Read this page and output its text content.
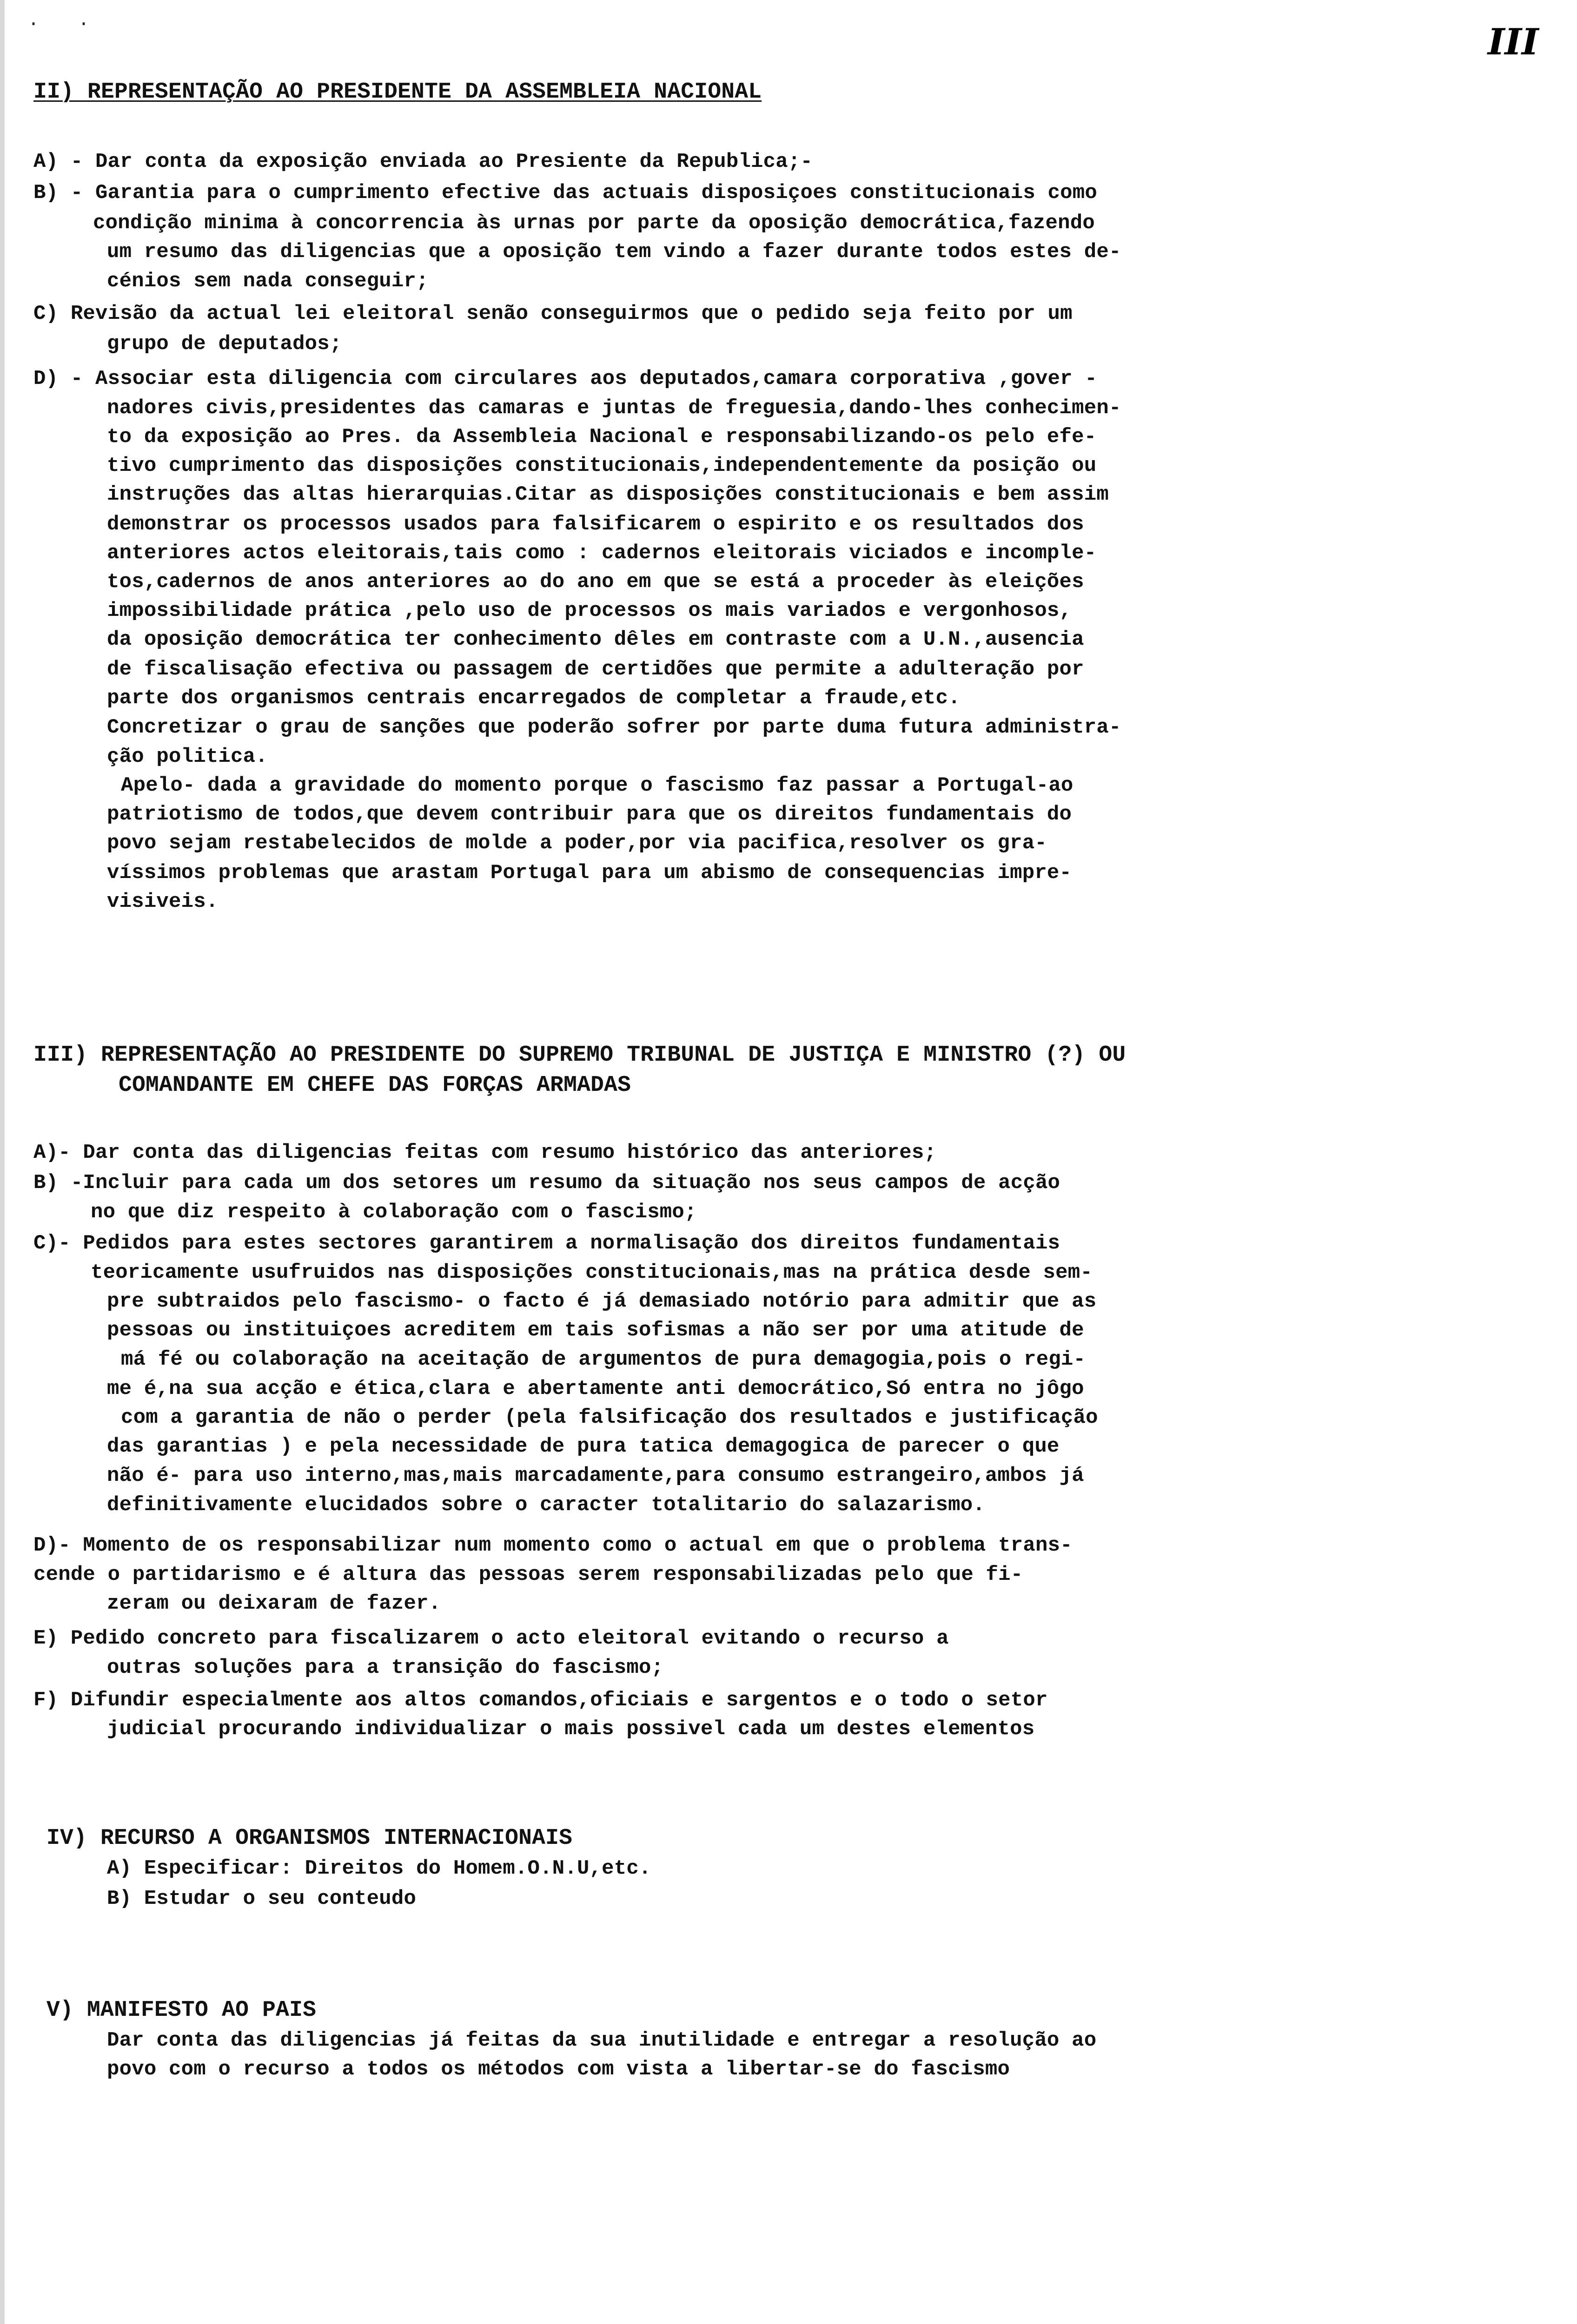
· ·	III
II) REPRESENTAÇÃO AO PRESIDENTE DA ASSEMBLEIA NACIONAL
A) - Dar conta da exposição enviada ao Presiente da Republica;-
B) - Garantia para o cumprimento efective das actuais disposiçoes constitucionais como
condição minima à concorrencia às urnas por parte da oposição democrática,fazendo
um resumo das diligencias que a oposição tem vindo a fazer durante todos estes de-
cénios sem nada conseguir;
C) Revisão da actual lei eleitoral senão conseguirmos que o pedido seja feito por um
grupo de deputados;
D) - Associar esta diligencia com circulares aos deputados,camara corporativa ,gover -
nadores civis,presidentes das camaras e juntas de freguesia,dando-lhes conhecimen-
to da exposição ao Pres. da Assembleia Nacional e responsabilizando-os pelo efe-
tivo cumprimento das disposições constitucionais,independentemente da posição ou
instruções das altas hierarquias.Citar as disposições constitucionais e bem assim
demonstrar os processos usados para falsificarem o espirito e os resultados dos
anteriores actos eleitorais,tais como : cadernos eleitorais viciados e incomple-
tos,cadernos de anos anteriores ao do ano em que se está a proceder às eleições
impossibilidade prática ,pelo uso de processos os mais variados e vergonhosos,
da oposição democrática ter conhecimento dêles em contraste com a U.N.,ausencia
de fiscalisação efectiva ou passagem de certidões que permite a adulteração por
parte dos organismos centrais encarregados de completar a fraude,etc.
Concretizar o grau de sanções que poderão sofrer por parte duma futura administra-
ção politica.
Apelo- dada a gravidade do momento porque o fascismo faz passar a Portugal-ao
patriotismo de todos,que devem contribuir para que os direitos fundamentais do
povo sejam restabelecidos de molde a poder,por via pacifica,resolver os gra-
víssimos problemas que arastam Portugal para um abismo de consequencias impre-
visiveis.
III) REPRESENTAÇÃO AO PRESIDENTE DO SUPREMO TRIBUNAL DE JUSTIÇA E MINISTRO (?) OU
COMANDANTE EM CHEFE DAS FORÇAS ARMADAS
A)- Dar conta das diligencias feitas com resumo histórico das anteriores;
B) -Incluir para cada um dos setores um resumo da situação nos seus campos de acção
no que diz respeito à colaboração com o fascismo;
C)- Pedidos para estes sectores garantirem a normalisação dos direitos fundamentais
teoricamente usufruidos nas disposições constitucionais,mas na prática desde sem-
pre subtraidos pelo fascismo- o facto é já demasiado notório para admitir que as
pessoas ou instituiçoes acreditem em tais sofismas a não ser por uma atitude de
má fé ou colaboração na aceitação de argumentos de pura demagogia,pois o regi-
me é,na sua acção e ética,clara e abertamente anti democrático,Só entra no jôgo
com a garantia de não o perder (pela falsificação dos resultados e justificação
das garantias ) e pela necessidade de pura tatica demagogica de parecer o que
não é- para uso interno,mas,mais marcadamente,para consumo estrangeiro,ambos já
definitivamente elucidados sobre o caracter totalitario do salazarismo.
D)- Momento de os responsabilizar num momento como o actual em que o problema trans-
cende o partidarismo e é altura das pessoas serem responsabilizadas pelo que fi-
zeram ou deixaram de fazer.
E) Pedido concreto para fiscalizarem o acto eleitoral evitando o recurso a
outras soluções para a transição do fascismo;
F) Difundir especialmente aos altos comandos,oficiais e sargentos e o todo o setor
judicial procurando individualizar o mais possivel cada um destes elementos
IV) RECURSO A ORGANISMOS INTERNACIONAIS
A) Especificar: Direitos do Homem.O.N.U,etc.
B) Estudar o seu conteudo
V) MANIFESTO AO PAIS
Dar conta das diligencias já feitas da sua inutilidade e entregar a resolução ao
povo com o recurso a todos os métodos com vista a libertar-se do fascismo
